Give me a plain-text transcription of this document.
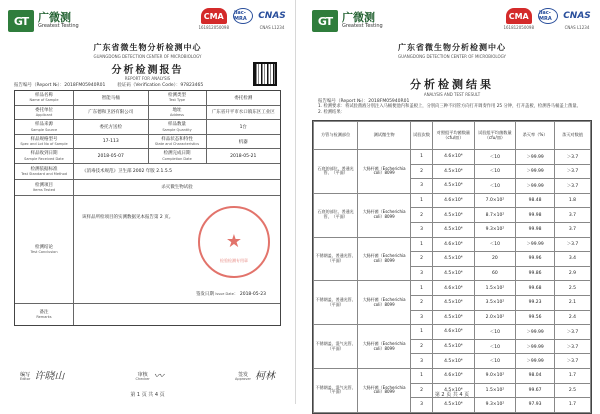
GT 广微测
Greatest Testing
CMA
161812050098
ilac-MRA	CNAS
CNAS L1234
广东省微生物分析检测中心
GUANGDONG DETECTION CENTER OF MICROBIOLOGY
分析检测报告
REPORT FOR ANALYSIS
报告编号（Report №）：2018FM05940R01	验证码（Verification Code）：97823465
样品名称
Name of Sample	智能马桶
检测类型
Test Type	委托检测
委托单位
Applicant	广东德和卫浴有限公司
地址
Address	广东省开平市水口镇东区工业区
样品来源
Sample Source	委托方送检
样品数量
Sample Quantity	1台
样品规格型号
Spec and Lot No of Sample
17-113	样品状态和特性
State and Characteristics	机器
样品收到日期
Sample Received Date
2018-05-07	检测完成日期
Completion Date
2018-05-21
检测依据标准
Test Standard and Method	《消毒技术规范》卫生部 2002 年版 2.1.5.5
检测项目
Items Tested	杀灭微生物试验
检测结论
Test Conclusion
该样品所检项目的实测数据见本报告第 2 页。
签发日期 Issue Date： 2018-05-23
检验检测专用章
★
备注
Remarks
编写
Editor 许晓山	审核
Checker 〰	签发
Approver 柯林
第 1 页 共 4 页
GT 广微测
Greatest Testing
CMA
161812050098
ilac-MRA	CNAS
CNAS L1234
广东省微生物分析检测中心
GUANGDONG DETECTION CENTER OF MICROBIOLOGY
分析检测结果
ANALYSIS AND TEST RESULT
报告编号（Report №）：2018FM05940R01
1. 检测要求：将试验菌液分别注入马桶便池内和盖板上，分别向三种不同管方向打开调奏作用 25 分钟，打开盖板，检测各马桶盖上菌量。
2. 检测结果：
方管与检测部位	测试微生物	试验次数	对照组平均菌数量（cfu/皿）	试验组平均菌数量（cfu/皿）	杀灭率（%）	杀灭对数值
石底的部位、普通光管、（平面）	大肠杆菌（Escherichia coli）8099	1	4.6×10⁴	＜10	＞99.99	＞3.7
		2	4.5×10⁴	＜10	＞99.99	＞3.7
		3	4.5×10⁴	＜10	＞99.99	＞3.7
石底的部位、普通光管、（平面）	大肠杆菌（Escherichia coli）8099	1	4.6×10⁴	7.0×10²	98.48	1.8
		2	4.5×10⁴	8.7×10²	99.98	3.7
		3	4.5×10⁴	9.3×10²	99.98	3.7
不锈钢盖、普通光管、（平面）	大肠杆菌（Escherichia coli）8099	1	4.6×10⁴	＜10	＞99.99	＞3.7
		2	4.5×10⁴	20	99.96	3.4
		3	4.5×10⁴	60	99.86	2.9
不锈钢盖、普通光管、（平面）	大肠杆菌（Escherichia coli）8099	1	4.6×10⁴	1.5×10²	99.68	2.5
		2	4.5×10⁴	3.5×10²	99.23	2.1
		3	4.5×10⁴	2.0×10²	99.56	2.4
不锈钢盖、混气光管、（平面）	大肠杆菌（Escherichia coli）8099	1	4.6×10⁴	＜10	＞99.99	＞3.7
		2	4.5×10⁴	＜10	＞99.99	＞3.7
		3	4.5×10⁴	＜10	＞99.99	＞3.7
不锈钢盖、混气光管、（平面）	大肠杆菌（Escherichia coli）8099	1	4.6×10⁴	9.0×10²	98.04	1.7
		2	4.5×10⁴	1.5×10²	99.67	2.5
		3	4.5×10⁴	9.3×10²	97.93	1.7
第 2 页 共 4 页
